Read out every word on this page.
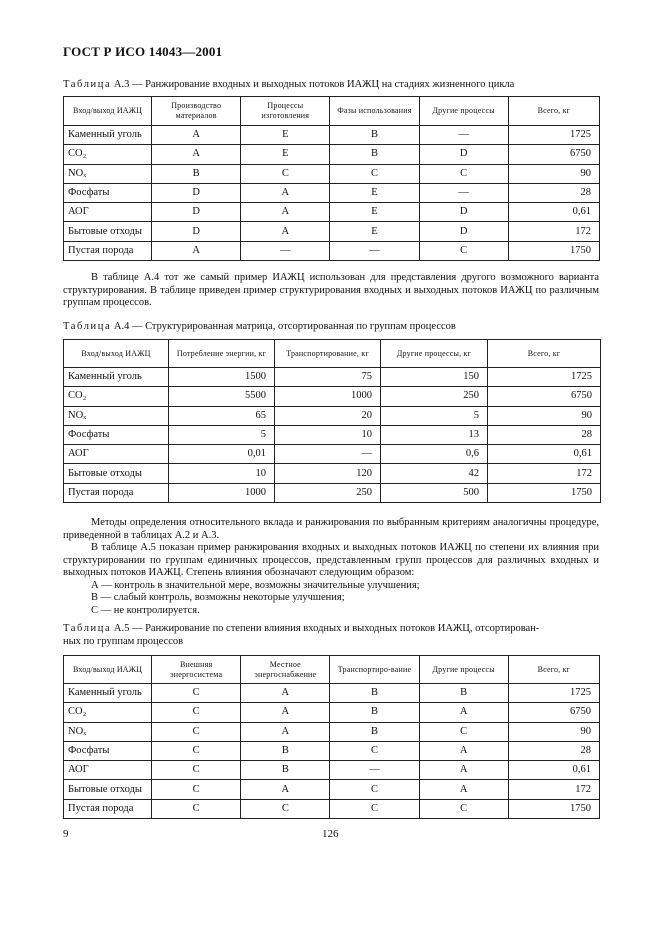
ГОСТ Р ИСО 14043—2001
Таблица А.3 — Ранжирование входных и выходных потоков ИАЖЦ на стадиях жизненного цикла
Вход/выход ИАЖЦ	Производство материалов	Процессы изготовления	Фазы использования	Другие процессы	Всего, кг
Каменный уголь	A	E	B	—	1725
CO₂	A	E	B	D	6750
NOₓ	B	C	C	C	90
Фосфаты	D	A	E	—	28
АОГ	D	A	E	D	0,61
Бытовые отходы	D	A	E	D	172
Пустая порода	A	—	—	C	1750

В таблице А.4 тот же самый пример ИАЖЦ использован для представления другого возможного варианта структурирования. В таблице приведен пример структурирования входных и выходных потоков ИАЖЦ по различным группам процессов.

Таблица А.4 — Структурированная матрица, отсортированная по группам процессов
Вход/выход ИАЖЦ	Потребление энергии, кг	Транспортирование, кг	Другие процессы, кг	Всего, кг
Каменный уголь	1500	75	150	1725
CO₂	5500	1000	250	6750
NOₓ	65	20	5	90
Фосфаты	5	10	13	28
АОГ	0,01	—	0,6	0,61
Бытовые отходы	10	120	42	172
Пустая порода	1000	250	500	1750

Методы определения относительного вклада и ранжирования по выбранным критериям аналогичны процедуре, приведенной в таблицах А.2 и А.3.

В таблице А.5 показан пример ранжирования входных и выходных потоков ИАЖЦ по степени их влияния при структурировании по группам единичных процессов, представленным групп процессов для различных входных и выходных потоков ИАЖЦ. Степень влияния обозначают следующим образом:

А — контроль в значительной мере, возможны значительные улучшения;

В — слабый контроль, возможны некоторые улучшения;

С — не контролируется.

Таблица А.5 — Ранжирование по степени влияния входных и выходных потоков ИАЖЦ, отсортирован-
ных по группам процессов
Вход/выход ИАЖЦ	Внешняя энергосистема	Местное энергоснабжение	Транспортиро-вание	Другие процессы	Всего, кг
Каменный уголь	C	A	B	B	1725
CO₂	C	A	B	A	6750
NOₓ	C	A	B	C	90
Фосфаты	C	B	C	A	28
АОГ	C	B	—	A	0,61
Бытовые отходы	C	A	C	A	172
Пустая порода	C	C	C	C	1750
9	126
